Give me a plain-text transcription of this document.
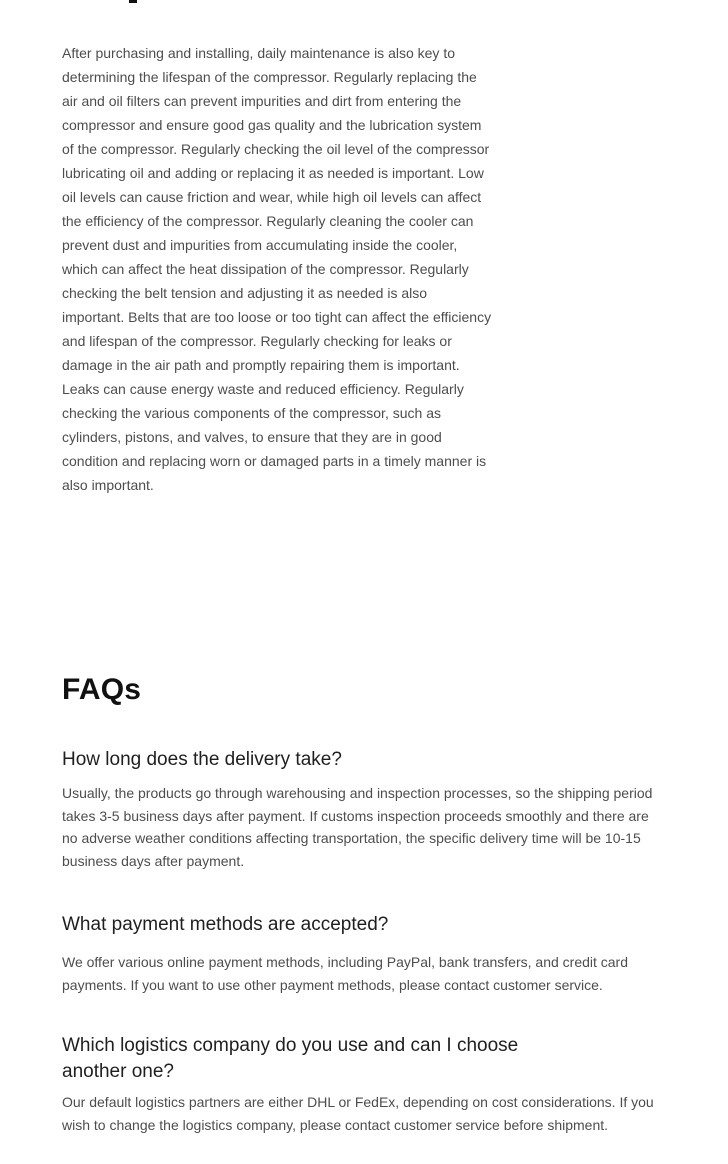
After purchasing and installing, daily maintenance is also key to determining the lifespan of the compressor. Regularly replacing the air and oil filters can prevent impurities and dirt from entering the compressor and ensure good gas quality and the lubrication system of the compressor. Regularly checking the oil level of the compressor lubricating oil and adding or replacing it as needed is important. Low oil levels can cause friction and wear, while high oil levels can affect the efficiency of the compressor. Regularly cleaning the cooler can prevent dust and impurities from accumulating inside the cooler, which can affect the heat dissipation of the compressor. Regularly checking the belt tension and adjusting it as needed is also important. Belts that are too loose or too tight can affect the efficiency and lifespan of the compressor. Regularly checking for leaks or damage in the air path and promptly repairing them is important. Leaks can cause energy waste and reduced efficiency. Regularly checking the various components of the compressor, such as cylinders, pistons, and valves, to ensure that they are in good condition and replacing worn or damaged parts in a timely manner is also important.

FAQs
How long does the delivery take?

Usually, the products go through warehousing and inspection processes, so the shipping period takes 3-5 business days after payment. If customs inspection proceeds smoothly and there are no adverse weather conditions affecting transportation, the specific delivery time will be 10-15 business days after payment.

What payment methods are accepted?

We offer various online payment methods, including PayPal, bank transfers, and credit card payments. If you want to use other payment methods, please contact customer service.

Which logistics company do you use and can I choose another one?

Our default logistics partners are either DHL or FedEx, depending on cost considerations. If you wish to change the logistics company, please contact customer service before shipment.
